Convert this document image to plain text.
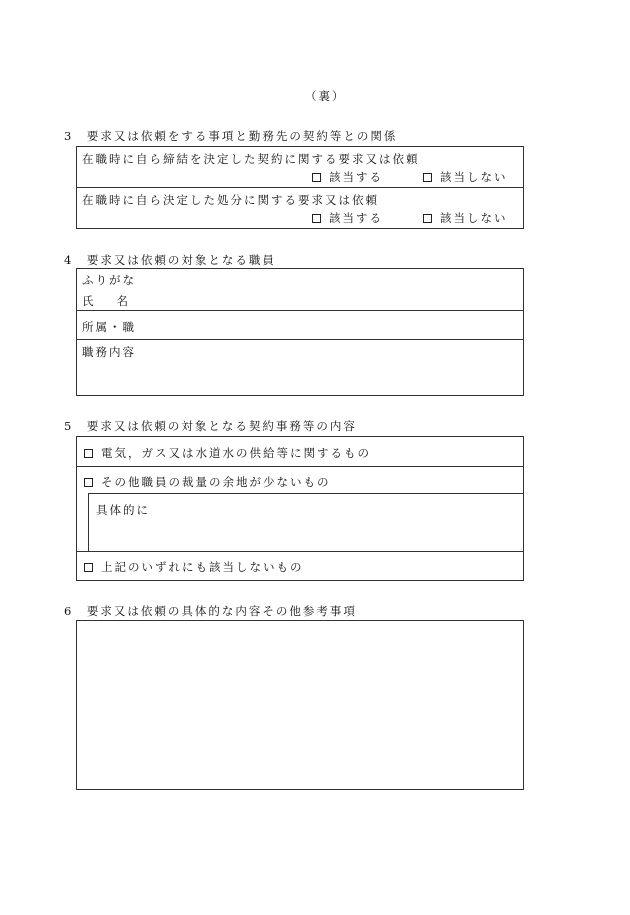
（裏）
3　要求又は依頼をする事項と勤務先の契約等との関係
在職時に自ら締結を決定した契約に関する要求又は依頼
該当する	該当しない
在職時に自ら決定した処分に関する要求又は依頼
該当する	該当しない
4　要求又は依頼の対象となる職員
ふりがな
氏　　名
所属・職
職務内容
5　要求又は依頼の対象となる契約事務等の内容
電気，ガス又は水道水の供給等に関するもの
その他職員の裁量の余地が少ないもの
具体的に
上記のいずれにも該当しないもの
6　要求又は依頼の具体的な内容その他参考事項
